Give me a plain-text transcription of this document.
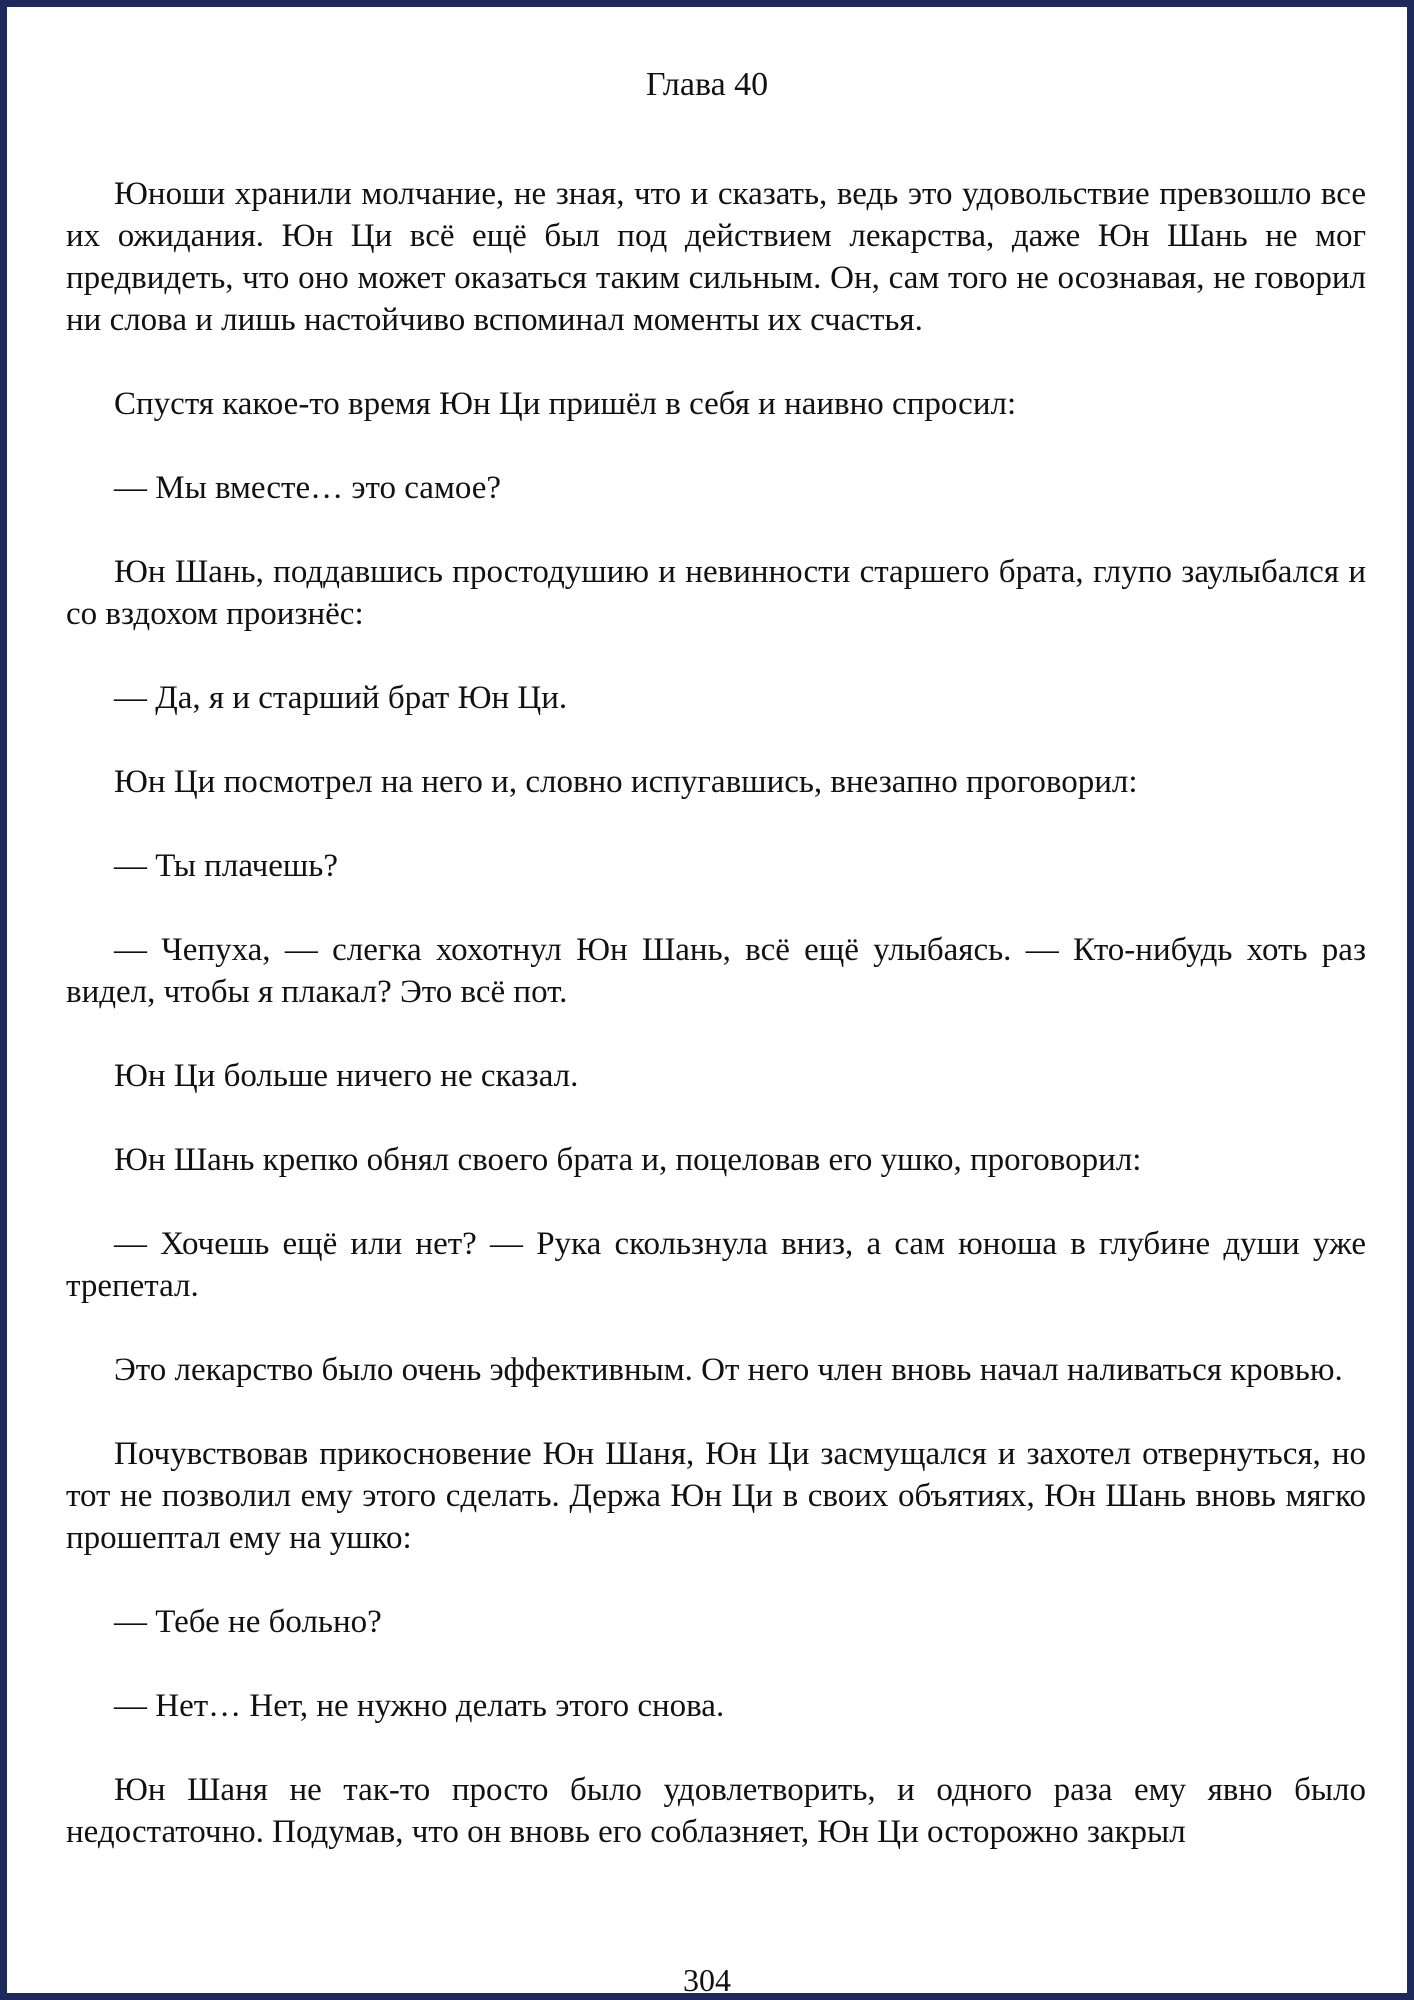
Глава 40

Юноши хранили молчание, не зная, что и сказать, ведь это удовольствие превзошло все их ожидания. Юн Ци всё ещё был под действием лекарства, даже Юн Шань не мог предвидеть, что оно может оказаться таким сильным. Он, сам того не осознавая, не говорил ни слова и лишь настойчиво вспоминал моменты их счастья.

Спустя какое-то время Юн Ци пришёл в себя и наивно спросил:

— Мы вместе… это самое?

Юн Шань, поддавшись простодушию и невинности старшего брата, глупо заулыбался и со вздохом произнёс:

— Да, я и старший брат Юн Ци.

Юн Ци посмотрел на него и, словно испугавшись, внезапно проговорил:

— Ты плачешь?

— Чепуха, — слегка хохотнул Юн Шань, всё ещё улыбаясь. — Кто-нибудь хоть раз видел, чтобы я плакал? Это всё пот.

Юн Ци больше ничего не сказал.

Юн Шань крепко обнял своего брата и, поцеловав его ушко, проговорил:

— Хочешь ещё или нет? — Рука скользнула вниз, а сам юноша в глубине души уже трепетал.

Это лекарство было очень эффективным. От него член вновь начал наливаться кровью.

Почувствовав прикосновение Юн Шаня, Юн Ци засмущался и захотел отвернуться, но тот не позволил ему этого сделать. Держа Юн Ци в своих объятиях, Юн Шань вновь мягко прошептал ему на ушко:

— Тебе не больно?

— Нет… Нет, не нужно делать этого снова.

Юн Шаня не так-то просто было удовлетворить, и одного раза ему явно было недостаточно. Подумав, что он вновь его соблазняет, Юн Ци осторожно закрыл

304
